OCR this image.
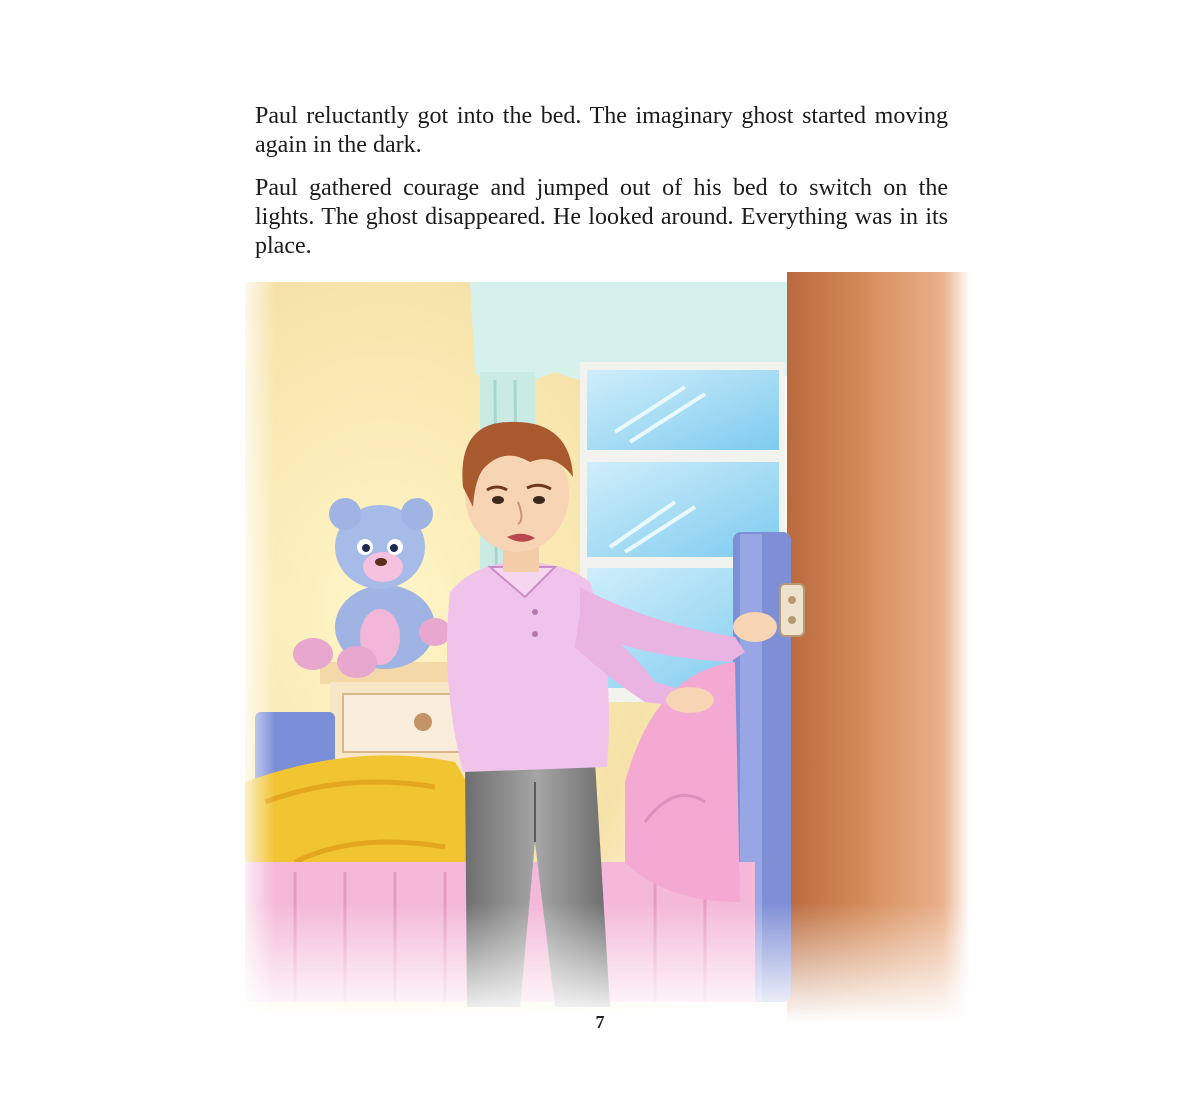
Paul reluctantly got into the bed. The imaginary ghost started moving again in the dark.

Paul gathered courage and jumped out of his bed to switch on the lights. The ghost disappeared. He looked around. Everything was in its place.

7
